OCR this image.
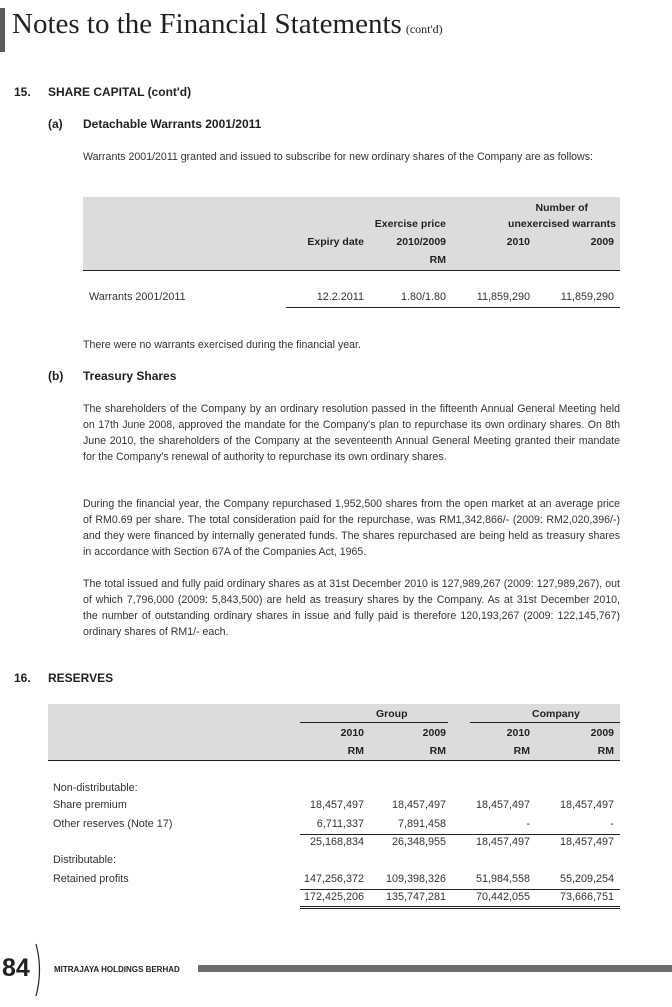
Notes to the Financial Statements (cont'd)
15. SHARE CAPITAL (cont'd)
(a) Detachable Warrants 2001/2011
Warrants 2001/2011 granted and issued to subscribe for new ordinary shares of the Company are as follows:
Number of
unexercised warrants
Exercise price
Expiry date	2010/2009	2010	2009
RM
Warrants 2001/2011	12.2.2011	1.80/1.80	11,859,290	11,859,290
There were no warrants exercised during the financial year.
(b) Treasury Shares
The shareholders of the Company by an ordinary resolution passed in the fifteenth Annual General Meeting held on 17th June 2008, approved the mandate for the Company's plan to repurchase its own ordinary shares. On 8th June 2010, the shareholders of the Company at the seventeenth Annual General Meeting granted their mandate for the Company's renewal of authority to repurchase its own ordinary shares.
During the financial year, the Company repurchased 1,952,500 shares from the open market at an average price of RM0.69 per share. The total consideration paid for the repurchase, was RM1,342,866/- (2009: RM2,020,396/-) and they were financed by internally generated funds. The shares repurchased are being held as treasury shares in accordance with Section 67A of the Companies Act, 1965.
The total issued and fully paid ordinary shares as at 31st December 2010 is 127,989,267 (2009: 127,989,267), out of which 7,796,000 (2009: 5,843,500) are held as treasury shares by the Company. As at 31st December 2010, the number of outstanding ordinary shares in issue and fully paid is therefore 120,193,267 (2009: 122,145,767) ordinary shares of RM1/- each.
16. RESERVES
Group	Company
2010	2009	2010	2009
RM	RM	RM	RM
Non-distributable:
Share premium	18,457,497	18,457,497	18,457,497	18,457,497
Other reserves (Note 17)	6,711,337	7,891,458	-	-
25,168,834	26,348,955	18,457,497	18,457,497
Distributable:
Retained profits	147,256,372	109,398,326	51,984,558	55,209,254
172,425,206	135,747,281	70,442,055	73,666,751
84	MITRAJAYA HOLDINGS BERHAD
